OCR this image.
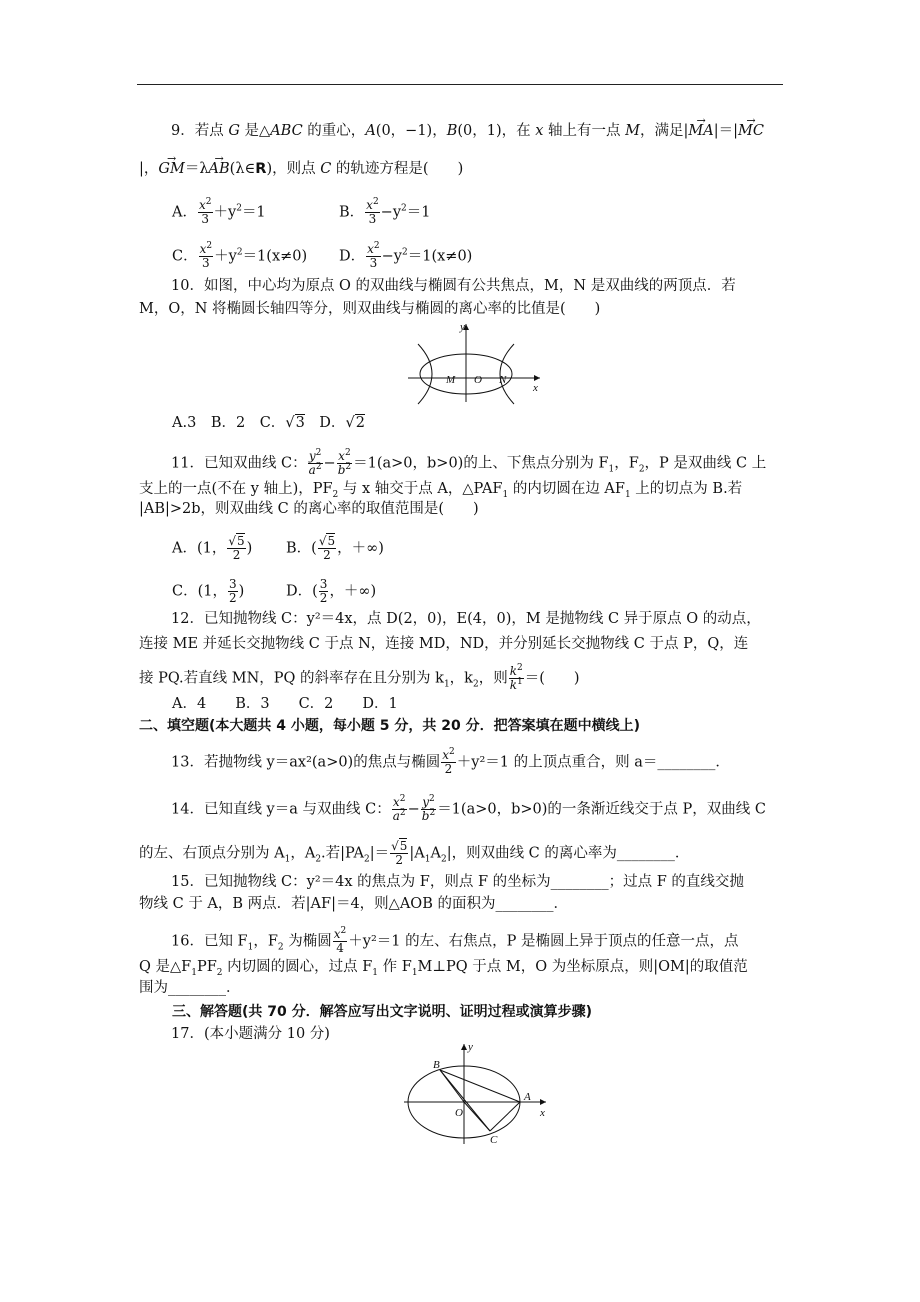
9．若点 G 是△ABC 的重心，A(0，−1)，B(0，1)，在 x 轴上有一点 M，满足|→ MA|＝|→ MC
|，→ GM＝λ→ AB(λ∈R)，则点 C 的轨迹方程是(　　)
A． $\frac{x^2}{3} +y^2=1$	B． $\frac{x^2}{3} -y^2=1$
C． $\frac{x^2}{3} +y^2=1(x\ne 0)$ D． $\frac{x^2}{3} -y^2=1(x\ne 0)$
10．如图，中心均为原点 O 的双曲线与椭圆有公共焦点，M，N 是双曲线的两顶点．若
M，O，N 将椭圆长轴四等分，则双曲线与椭圆的离心率的比值是(　　)
y
x
M O N
A.3　 B．2　 C．√3　 D．√2
11．已知双曲线 C： $\frac{y^2}{a^2} - \frac{x^2}{b^2} =1(a>0$，b>0)的上、下焦点分别为 $F_1$，$F_2$，P 是双曲线 C 上
支上的一点(不在 y 轴上)，$PF_2$ 与 x 轴交于点 A，$\triangle PAF_1$ 的内切圆在边 $AF_1$ 上的切点为 B.若
|AB|>2b，则双曲线 C 的离心率的取值范围是(　　)
A．(1， $\frac{√5}{2}$ ) B．( $\frac{√5}{2}$ ，＋∞)
C．(1， $\frac{3}{2}$ )	D．( $\frac{3}{2}$ ，＋∞)
12．已知抛物线 C：y²＝4x，点 D(2，0)，E(4，0)，M 是抛物线 C 异于原点 O 的动点，
连接 ME 并延长交抛物线 C 于点 N，连接 MD，ND，并分别延长交抛物线 C 于点 P，Q，连
接 PQ.若直线 MN，PQ 的斜率存在且分别为 $k_1$，$k_2$，则 $\frac{k^2}{k^1}$ ＝(　　)
A．4　　B．3　　C．2　　D．1
二、填空题(本大题共 4 小题，每小题 5 分，共 20 分．把答案填在题中横线上)
13．若抛物线 y＝ax²(a>0)的焦点与椭圆 $\frac{x^2}{2} +y^2=1$ 的上顶点重合，则 a＝________．
14．已知直线 y＝a 与双曲线 C： $\frac{x^2}{a^2} - \frac{y^2}{b^2} =1(a>0$，b>0)的一条渐近线交于点 P，双曲线 C
的左、右顶点分别为 $A_1$，$A_2$.若$|PA_2|= \frac{√5}{2} |A_1A_2|$，则双曲线 C 的离心率为________．
15．已知抛物线 C：y²＝4x 的焦点为 F，则点 F 的坐标为________；过点 F 的直线交抛
物线 C 于 A，B 两点．若|AF|＝4，则△AOB 的面积为________．
16．已知 $F_1$，$F_2$ 为椭圆 $\frac{x^2}{4} +y^2=1$ 的左、右焦点，P 是椭圆上异于顶点的任意一点，点
Q 是$\triangle F_1PF_2$ 内切圆的圆心，过点 $F_1$ 作 $F_1M\perp PQ$ 于点 M，O 为坐标原点，则|OM|的取值范
围为________．
三、解答题(共 70 分．解答应写出文字说明、证明过程或演算步骤)
17．(本小题满分 10 分)
y
x
B
A
O
C
